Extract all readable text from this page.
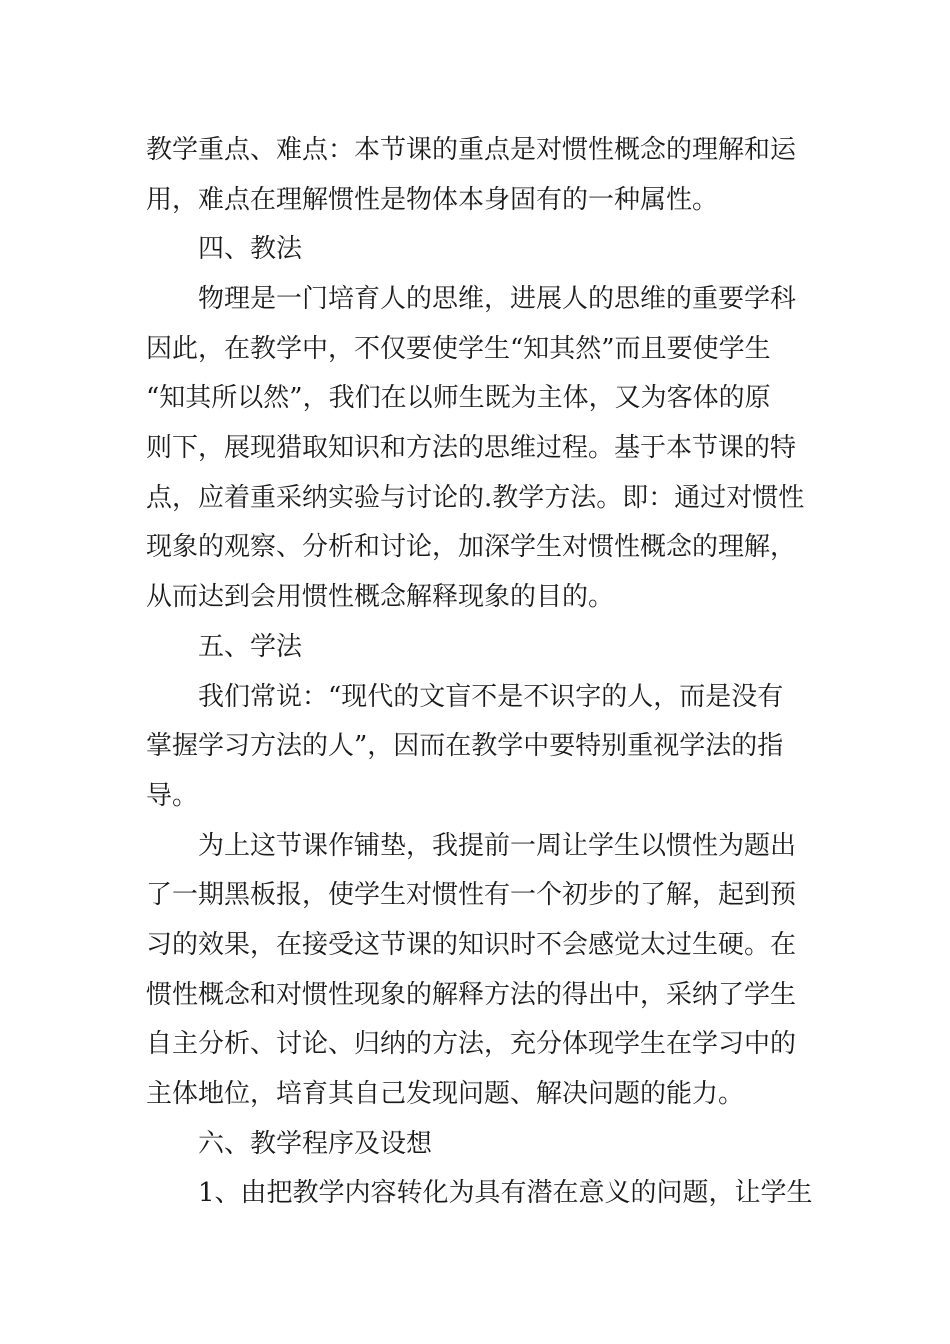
教学重点、难点：本节课的重点是对惯性概念的理解和运
用，难点在理解惯性是物体本身固有的一种属性。
四、教法
物理是一门培育人的思维，进展人的思维的重要学科
因此，在教学中，不仅要使学生“知其然”而且要使学生
“知其所以然”，我们在以师生既为主体，又为客体的原
则下，展现猎取知识和方法的思维过程。基于本节课的特
点，应着重采纳实验与讨论的.教学方法。即：通过对惯性
现象的观察、分析和讨论，加深学生对惯性概念的理解，
从而达到会用惯性概念解释现象的目的。
五、学法
我们常说：“现代的文盲不是不识字的人，而是没有
掌握学习方法的人”，因而在教学中要特别重视学法的指
导。
为上这节课作铺垫，我提前一周让学生以惯性为题出
了一期黑板报，使学生对惯性有一个初步的了解，起到预
习的效果，在接受这节课的知识时不会感觉太过生硬。在
惯性概念和对惯性现象的解释方法的得出中，采纳了学生
自主分析、讨论、归纳的方法，充分体现学生在学习中的
主体地位，培育其自己发现问题、解决问题的能力。
六、教学程序及设想
1、由把教学内容转化为具有潜在意义的问题，让学生
